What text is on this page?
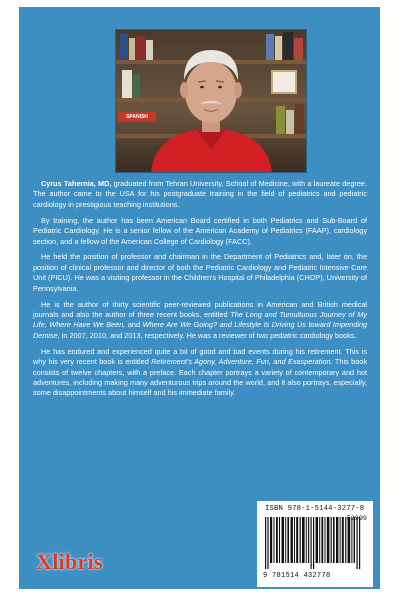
SPANISH

Cyrus Tahernia, MD, graduated from Tehran University, School of Medicine, with a laureate degree. The author came to the USA for his postgraduate training in the field of pediatrics and pediatric cardiology in prestigious teaching institutions.

By training, the author has been American Board certified in both Pediatrics and Sub-Board of Pediatric Cardiology. He is a senior fellow of the American Academy of Pediatrics (FAAP), cardiology section, and a fellow of the American College of Cardiology (FACC).

He held the position of professor and chairman in the Department of Pediatrics and, later on, the position of clinical professor and director of both the Pediatric Cardiology and Pediatric Intensive Care Unit (PICU). He was a visiting professor in the Children's Hospital of Philadelphia (CHOP), University of Pennsylvania.

He is the author of thirty scientific peer-reviewed publications in American and British medical journals and also the author of three recent books, entitled The Long and Tumultuous Journey of My Life, Where Have We Been, and Where Are We Going? and Lifestyle Is Driving Us toward Impending Demise, in 2007, 2010, and 2013, respectively. He was a reviewer of two pediatric cardiology books.

He has endured and experienced quite a bit of good and bad events during his retirement. This is why his very recent book is entitled Retirement's Agony, Adventure, Fun, and Exasperation. This book consists of twelve chapters, with a preface. Each chapter portrays a variety of contemporary and hot adventures, including making many adventurous trips around the world, and it also portrays, especially, some disappointments about himself and his immediate family.

Xlibris
ISBN 978-1-5144-3277-8
52999
9 781514 432778
